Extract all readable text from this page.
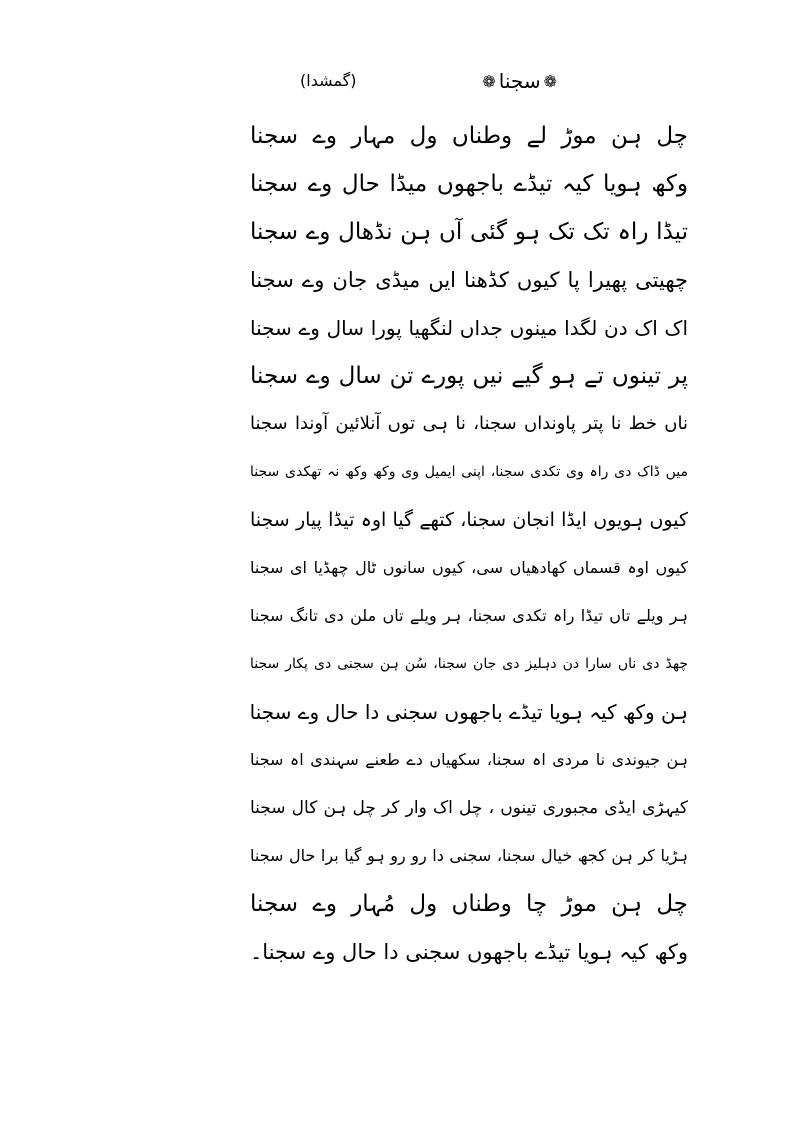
❁سجنا❁
(گمشدا)
چل ہن موڑ لے وطناں ول مہار وے سجنا
وکھ ہویا کیہ تیڈے باجھوں میڈا حال وے سجنا
تیڈا راہ تک تک ہو گئی آں ہن نڈھال وے سجنا
چھیتی پھیرا پا کیوں کڈھنا ایں میڈی جان وے سجنا
اک اک دن لگدا مینوں جداں لنگھیا پورا سال وے سجنا
پر تینوں تے ہو گیے نیں پورے تن سال وے سجنا
ناں خط نا پتر پاونداں سجنا، نا ہی توں آنلائین آوندا سجنا
میں ڈاک دی راہ وی تکدی سجنا، اپنی ایمیل وی وکھ وکھ نہ تھکدی سجنا
کیوں ہویوں ایڈا انجان سجنا، کتھے گیا اوہ تیڈا پیار سجنا
کیوں اوہ قسماں کھادھیاں سی، کیوں سانوں ٹال چھڈیا ای سجنا
ہر ویلے تاں تیڈا راہ تکدی سجنا، ہر ویلے تاں ملن دی تانگ سجنا
چھڈ دی ناں سارا دن دہلیز دی جان سجنا، سُن ہن سجنی دی پکار سجنا
ہن وکھ کیہ ہویا تیڈے باجھوں سجنی دا حال وے سجنا
ہن جیوندی نا مردی اہ سجنا، سکھیاں دے طعنے سہندی اہ سجنا
کیہڑی ایڈی مجبوری تینوں ، چل اک وار کر چل ہن کال سجنا
ہڑیا کر ہن کجھ خیال سجنا، سجنی دا رو رو ہو گیا برا حال سجنا
چل ہن موڑ چا وطناں ول مُہار وے سجنا
وکھ کیہ ہویا تیڈے باجھوں سجنی دا حال وے سجنا۔
